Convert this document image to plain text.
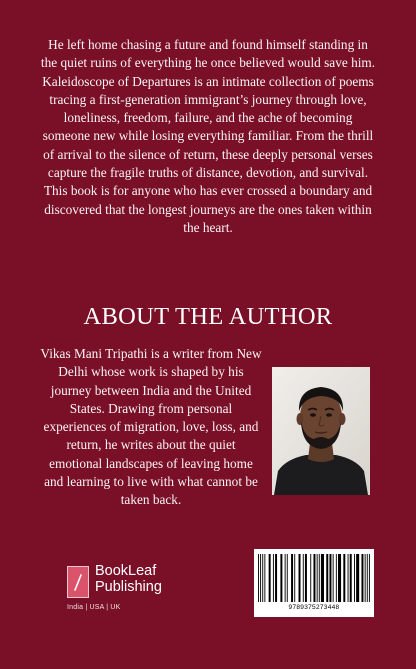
He left home chasing a future and found himself standing in the quiet ruins of everything he once believed would save him. Kaleidoscope of Departures is an intimate collection of poems tracing a first-generation immigrant’s journey through love, loneliness, freedom, failure, and the ache of becoming someone new while losing everything familiar. From the thrill of arrival to the silence of return, these deeply personal verses capture the fragile truths of distance, devotion, and survival. This book is for anyone who has ever crossed a boundary and discovered that the longest journeys are the ones taken within the heart.

ABOUT THE AUTHOR

Vikas Mani Tripathi is a writer from New Delhi whose work is shaped by his journey between India and the United States. Drawing from personal experiences of migration, love, loss, and return, he writes about the quiet emotional landscapes of leaving home and learning to live with what cannot be taken back.

BookLeaf
Publishing
India | USA | UK	9789375273448
